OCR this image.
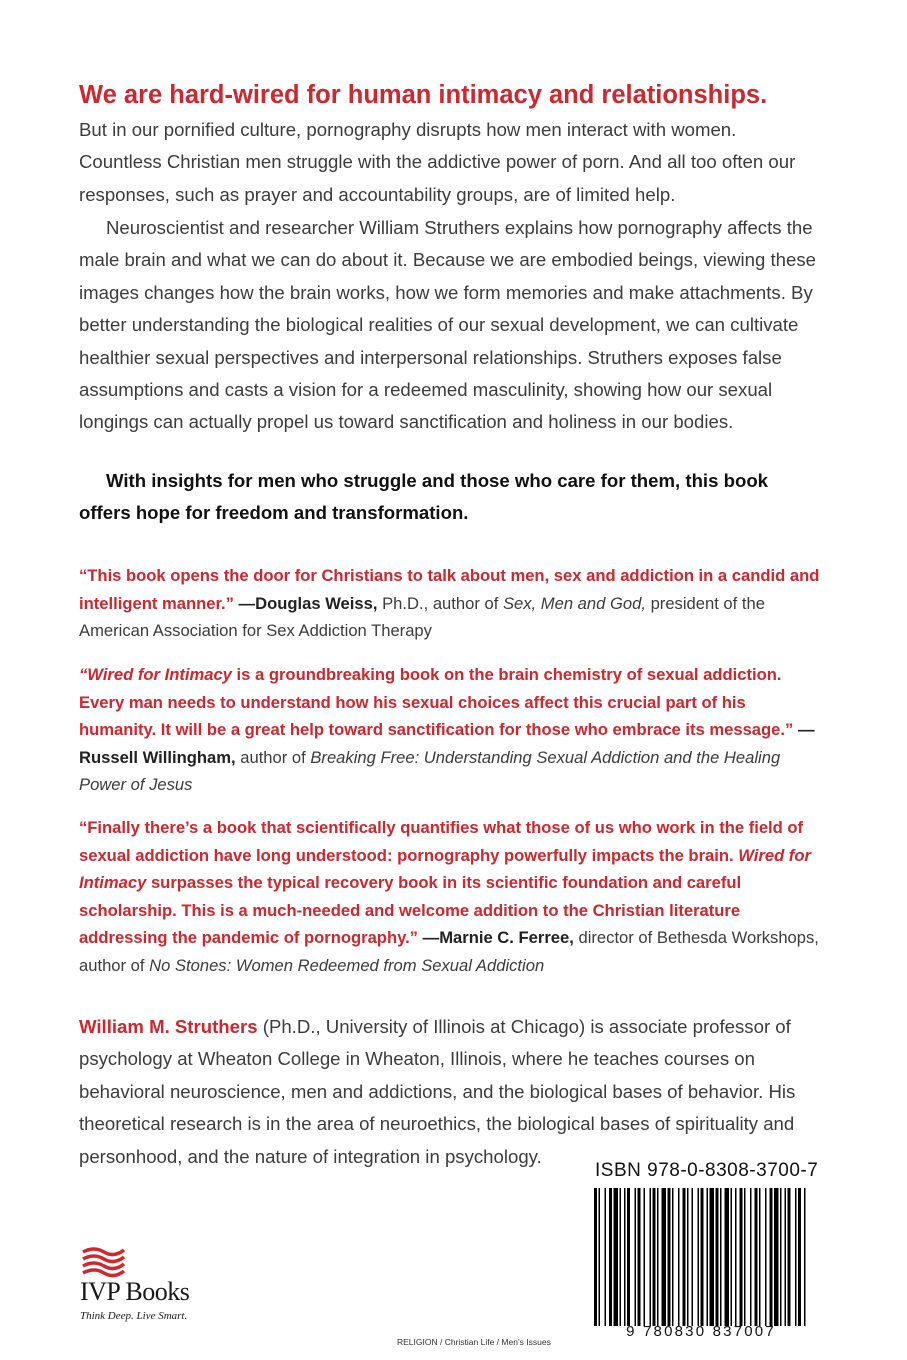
We are hard-wired for human intimacy and relationships.
But in our pornified culture, pornography disrupts how men interact with women. Countless Christian men struggle with the addictive power of porn. And all too often our responses, such as prayer and accountability groups, are of limited help.
Neuroscientist and researcher William Struthers explains how pornography affects the male brain and what we can do about it. Because we are embodied beings, viewing these images changes how the brain works, how we form memories and make attachments. By better understanding the biological realities of our sexual development, we can cultivate healthier sexual perspectives and interpersonal relationships. Struthers exposes false assumptions and casts a vision for a redeemed masculinity, showing how our sexual longings can actually propel us toward sanctification and holiness in our bodies.
With insights for men who struggle and those who care for them, this book offers hope for freedom and transformation.
“This book opens the door for Christians to talk about men, sex and addiction in a candid and intelligent manner.” —Douglas Weiss, Ph.D., author of Sex, Men and God, president of the American Association for Sex Addiction Therapy
“Wired for Intimacy is a groundbreaking book on the brain chemistry of sexual addiction. Every man needs to understand how his sexual choices affect this crucial part of his humanity. It will be a great help toward sanctification for those who embrace its message.” —Russell Willingham, author of Breaking Free: Understanding Sexual Addiction and the Healing Power of Jesus
“Finally there’s a book that scientifically quantifies what those of us who work in the field of sexual addiction have long understood: pornography powerfully impacts the brain. Wired for Intimacy surpasses the typical recovery book in its scientific foundation and careful scholarship. This is a much-needed and welcome addition to the Christian literature addressing the pandemic of pornography.” —Marnie C. Ferree, director of Bethesda Workshops, author of No Stones: Women Redeemed from Sexual Addiction
William M. Struthers (Ph.D., University of Illinois at Chicago) is associate professor of psychology at Wheaton College in Wheaton, Illinois, where he teaches courses on behavioral neuroscience, men and addictions, and the biological bases of behavior. His theoretical research is in the area of neuroethics, the biological bases of spirituality and personhood, and the nature of integration in psychology.
ISBN 978-0-8308-3700-7
9 780830 837007
RELIGION / Christian Life / Men’s Issues
IVP Books
Think Deep. Live Smart.
